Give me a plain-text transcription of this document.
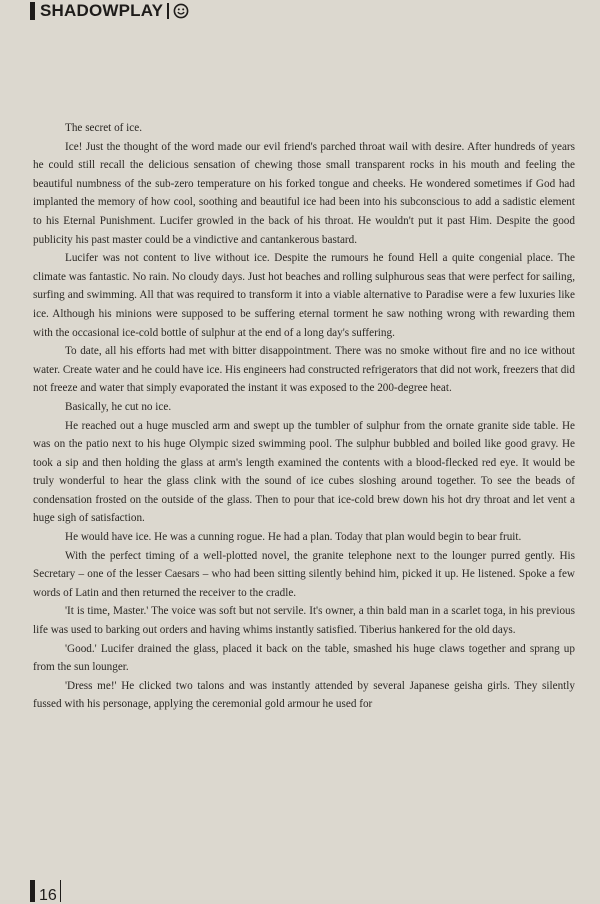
SHADOWPLAY

The secret of ice.

Ice! Just the thought of the word made our evil friend's parched throat wail with desire. After hundreds of years he could still recall the delicious sensation of chewing those small transparent rocks in his mouth and feeling the beautiful numbness of the sub-zero temperature on his forked tongue and cheeks. He wondered sometimes if God had implanted the memory of how cool, soothing and beautiful ice had been into his subconscious to add a sadistic element to his Eternal Punishment. Lucifer growled in the back of his throat. He wouldn't put it past Him. Despite the good publicity his past master could be a vindictive and cantankerous bastard.

Lucifer was not content to live without ice. Despite the rumours he found Hell a quite congenial place. The climate was fantastic. No rain. No cloudy days. Just hot beaches and rolling sulphurous seas that were perfect for sailing, surfing and swimming. All that was required to transform it into a viable alternative to Paradise were a few luxuries like ice. Although his minions were supposed to be suffering eternal torment he saw nothing wrong with rewarding them with the occasional ice-cold bottle of sulphur at the end of a long day's suffering.

To date, all his efforts had met with bitter disappointment. There was no smoke without fire and no ice without water. Create water and he could have ice. His engineers had constructed refrigerators that did not work, freezers that did not freeze and water that simply evaporated the instant it was exposed to the 200-degree heat.

Basically, he cut no ice.

He reached out a huge muscled arm and swept up the tumbler of sulphur from the ornate granite side table. He was on the patio next to his huge Olympic sized swimming pool. The sulphur bubbled and boiled like good gravy. He took a sip and then holding the glass at arm's length examined the contents with a blood-flecked red eye. It would be truly wonderful to hear the glass clink with the sound of ice cubes sloshing around together. To see the beads of condensation frosted on the outside of the glass. Then to pour that ice-cold brew down his hot dry throat and let vent a huge sigh of satisfaction.

He would have ice. He was a cunning rogue. He had a plan. Today that plan would begin to bear fruit.

With the perfect timing of a well-plotted novel, the granite telephone next to the lounger purred gently. His Secretary – one of the lesser Caesars – who had been sitting silently behind him, picked it up. He listened. Spoke a few words of Latin and then returned the receiver to the cradle.

'It is time, Master.' The voice was soft but not servile. It's owner, a thin bald man in a scarlet toga, in his previous life was used to barking out orders and having whims instantly satisfied. Tiberius hankered for the old days.

'Good.' Lucifer drained the glass, placed it back on the table, smashed his huge claws together and sprang up from the sun lounger.

'Dress me!' He clicked two talons and was instantly attended by several Japanese geisha girls. They silently fussed with his personage, applying the ceremonial gold armour he used for

16
